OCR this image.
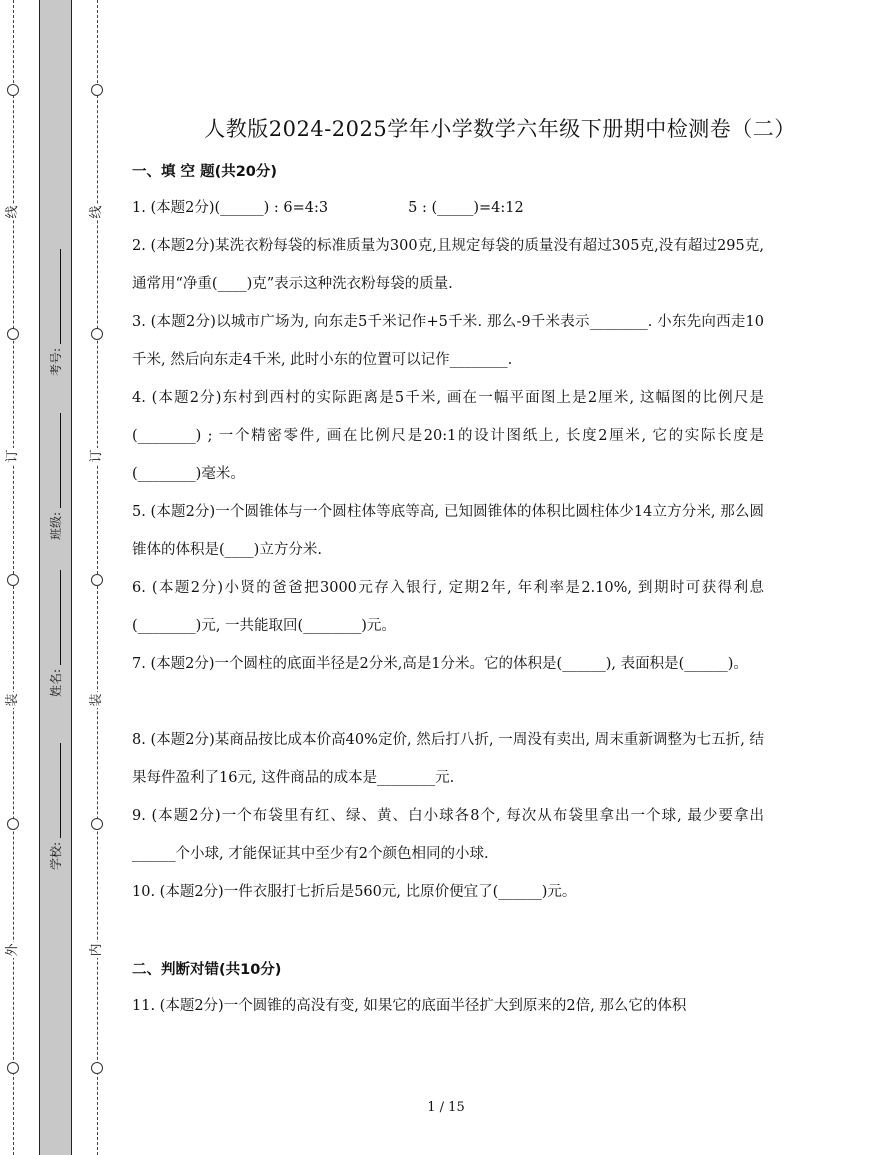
线
订
装
外
线
订
装
内
考号:
班级:
姓名:
学校:
人教版2024-2025学年小学数学六年级下册期中检测卷（二）
一、填 空 题(共20分)
1. (本题2分)(______) : 6=4:3	5 : (_____)=4:12
2. (本题2分)某洗衣粉每袋的标准质量为300克,且规定每袋的质量没有超过305克,没有超过295克,通常用“净重(____)克”表示这种洗衣粉每袋的质量.
3. (本题2分)以城市广场为, 向东走5千米记作+5千米. 那么-9千米表示________. 小东先向西走10千米, 然后向东走4千米, 此时小东的位置可以记作________.
4. (本题2分)东村到西村的实际距离是5千米, 画在一幅平面图上是2厘米, 这幅图的比例尺是(________) ; 一个精密零件, 画在比例尺是20:1的设计图纸上, 长度2厘米, 它的实际长度是(________)毫米。
5. (本题2分)一个圆锥体与一个圆柱体等底等高, 已知圆锥体的体积比圆柱体少14立方分米, 那么圆锥体的体积是(____)立方分米.
6. (本题2分)小贤的爸爸把3000元存入银行, 定期2年, 年利率是2.10%, 到期时可获得利息(________)元, 一共能取回(________)元。
7. (本题2分)一个圆柱的底面半径是2分米,高是1分米。它的体积是(______), 表面积是(______)。
8. (本题2分)某商品按比成本价高40%定价, 然后打八折, 一周没有卖出, 周末重新调整为七五折, 结果每件盈利了16元, 这件商品的成本是________元.
9. (本题2分)一个布袋里有红、绿、黄、白小球各8个, 每次从布袋里拿出一个球, 最少要拿出______个小球, 才能保证其中至少有2个颜色相同的小球.
10. (本题2分)一件衣服打七折后是560元, 比原价便宜了(______)元。
二、判断对错(共10分)
11. (本题2分)一个圆锥的高没有变, 如果它的底面半径扩大到原来的2倍, 那么它的体积
1 / 15
